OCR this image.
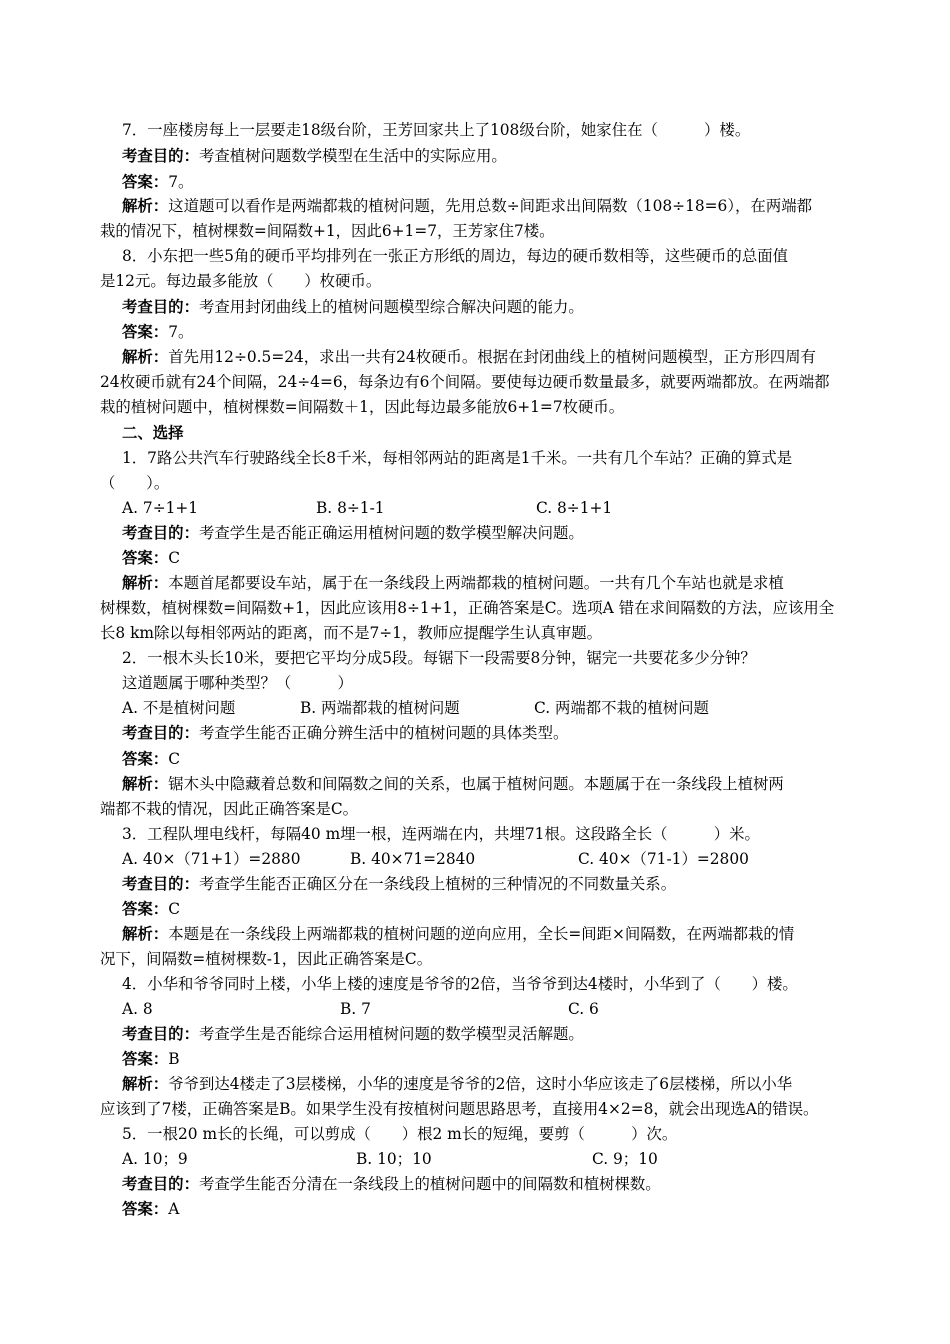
7．一座楼房每上一层要走18级台阶，王芳回家共上了108级台阶，她家住在（　　　）楼。

考查目的：考查植树问题数学模型在生活中的实际应用。

答案：7。

解析：这道题可以看作是两端都栽的植树问题，先用总数÷间距求出间隔数（108÷18=6），在两端都

栽的情况下，植树棵数=间隔数+1，因此6+1=7，王芳家住7楼。

8．小东把一些5角的硬币平均排列在一张正方形纸的周边，每边的硬币数相等，这些硬币的总面值

是12元。每边最多能放（　　）枚硬币。

考查目的：考查用封闭曲线上的植树问题模型综合解决问题的能力。

答案：7。

解析：首先用12÷0.5=24，求出一共有24枚硬币。根据在封闭曲线上的植树问题模型，正方形四周有

24枚硬币就有24个间隔，24÷4=6，每条边有6个间隔。要使每边硬币数量最多，就要两端都放。在两端都

栽的植树问题中，植树棵数=间隔数＋1，因此每边最多能放6+1=7枚硬币。

二、选择

1．7路公共汽车行驶路线全长8千米，每相邻两站的距离是1千米。一共有几个车站？正确的算式是

（　　）。

A. 7÷1+1	B. 8÷1-1	C. 8÷1+1

考查目的：考查学生是否能正确运用植树问题的数学模型解决问题。

答案：C

解析：本题首尾都要设车站，属于在一条线段上两端都栽的植树问题。一共有几个车站也就是求植

树棵数，植树棵数=间隔数+1，因此应该用8÷1+1，正确答案是C。选项A 错在求间隔数的方法，应该用全

长8 km除以每相邻两站的距离，而不是7÷1，教师应提醒学生认真审题。

2．一根木头长10米，要把它平均分成5段。每锯下一段需要8分钟，锯完一共要花多少分钟？

这道题属于哪种类型？（　　　）

A. 不是植树问题	B. 两端都栽的植树问题	C. 两端都不栽的植树问题

考查目的：考查学生能否正确分辨生活中的植树问题的具体类型。

答案：C

解析：锯木头中隐藏着总数和间隔数之间的关系，也属于植树问题。本题属于在一条线段上植树两

端都不栽的情况，因此正确答案是C。

3．工程队埋电线杆，每隔40 m埋一根，连两端在内，共埋71根。这段路全长（　　　）米。

A. 40×（71+1）=2880	B. 40×71=2840	C. 40×（71-1）=2800

考查目的：考查学生能否正确区分在一条线段上植树的三种情况的不同数量关系。

答案：C

解析：本题是在一条线段上两端都栽的植树问题的逆向应用，全长=间距×间隔数，在两端都栽的情

况下，间隔数=植树棵数-1，因此正确答案是C。

4．小华和爷爷同时上楼，小华上楼的速度是爷爷的2倍，当爷爷到达4楼时，小华到了（　　）楼。

A. 8	B. 7	C. 6

考查目的：考查学生是否能综合运用植树问题的数学模型灵活解题。

答案：B

解析：爷爷到达4楼走了3层楼梯，小华的速度是爷爷的2倍，这时小华应该走了6层楼梯，所以小华

应该到了7楼，正确答案是B。如果学生没有按植树问题思路思考，直接用4×2=8，就会出现选A的错误。

5．一根20 m长的长绳，可以剪成（　　）根2 m长的短绳，要剪（　　　）次。

A. 10；9	B. 10；10	C. 9；10

考查目的：考查学生能否分清在一条线段上的植树问题中的间隔数和植树棵数。

答案：A
